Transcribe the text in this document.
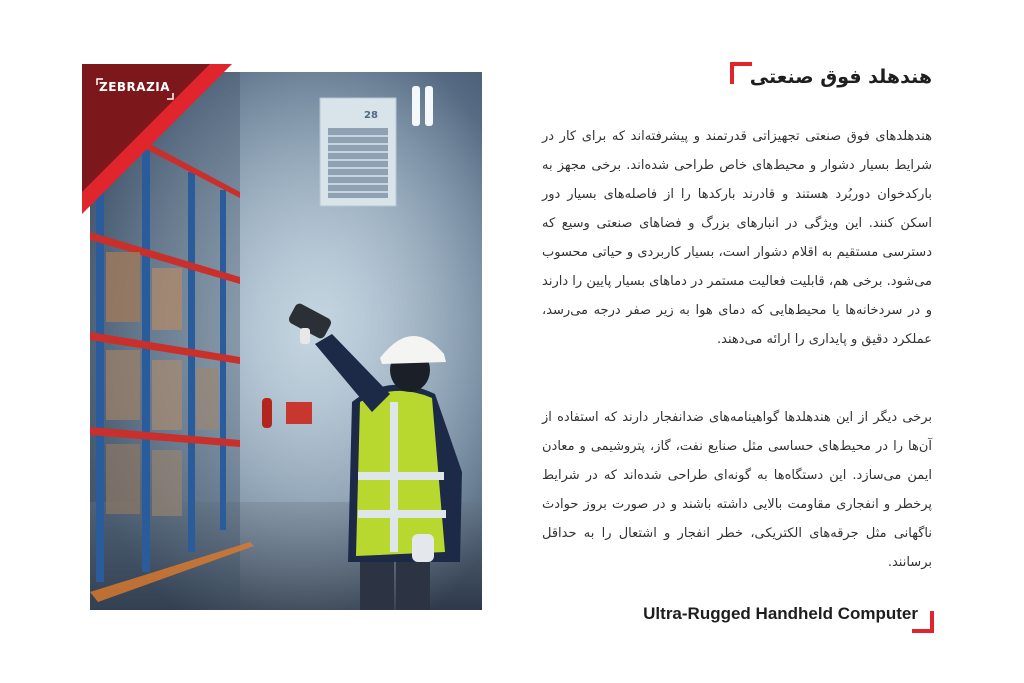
28
ZEBRAZIA	هندهلد فوق صنعتی

هندهلدهای فوق صنعتی تجهیزاتی قدرتمند و پیشرفته‌اند که برای کار در شرایط بسیار دشوار و محیط‌های خاص طراحی شده‌اند. برخی مجهز به بارکدخوان دوربُرد هستند و قادرند بارکدها را از فاصله‌های بسیار دور اسکن کنند. این ویژگی در انبارهای بزرگ و فضاهای صنعتی وسیع که دسترسی مستقیم به اقلام دشوار است، بسیار کاربردی و حیاتی محسوب می‌شود. برخی هم، قابلیت فعالیت مستمر در دماهای بسیار پایین را دارند و در سردخانه‌ها یا محیط‌هایی که دمای هوا به زیر صفر درجه می‌رسد، عملکرد دقیق و پایداری را ارائه می‌دهند.

برخی دیگر از این هندهلدها گواهینامه‌های ضدانفجار دارند که استفاده از آن‌ها را در محیط‌های حساسی مثل صنایع نفت، گاز، پتروشیمی و معادن ایمن می‌سازد. این دستگاه‌ها به گونه‌ای طراحی شده‌اند که در شرایط پرخطر و انفجاری مقاومت بالایی داشته باشند و در صورت بروز حوادث ناگهانی مثل جرقه‌های الکتریکی، خطر انفجار و اشتعال را به حداقل برسانند.

Ultra-Rugged Handheld Computer
